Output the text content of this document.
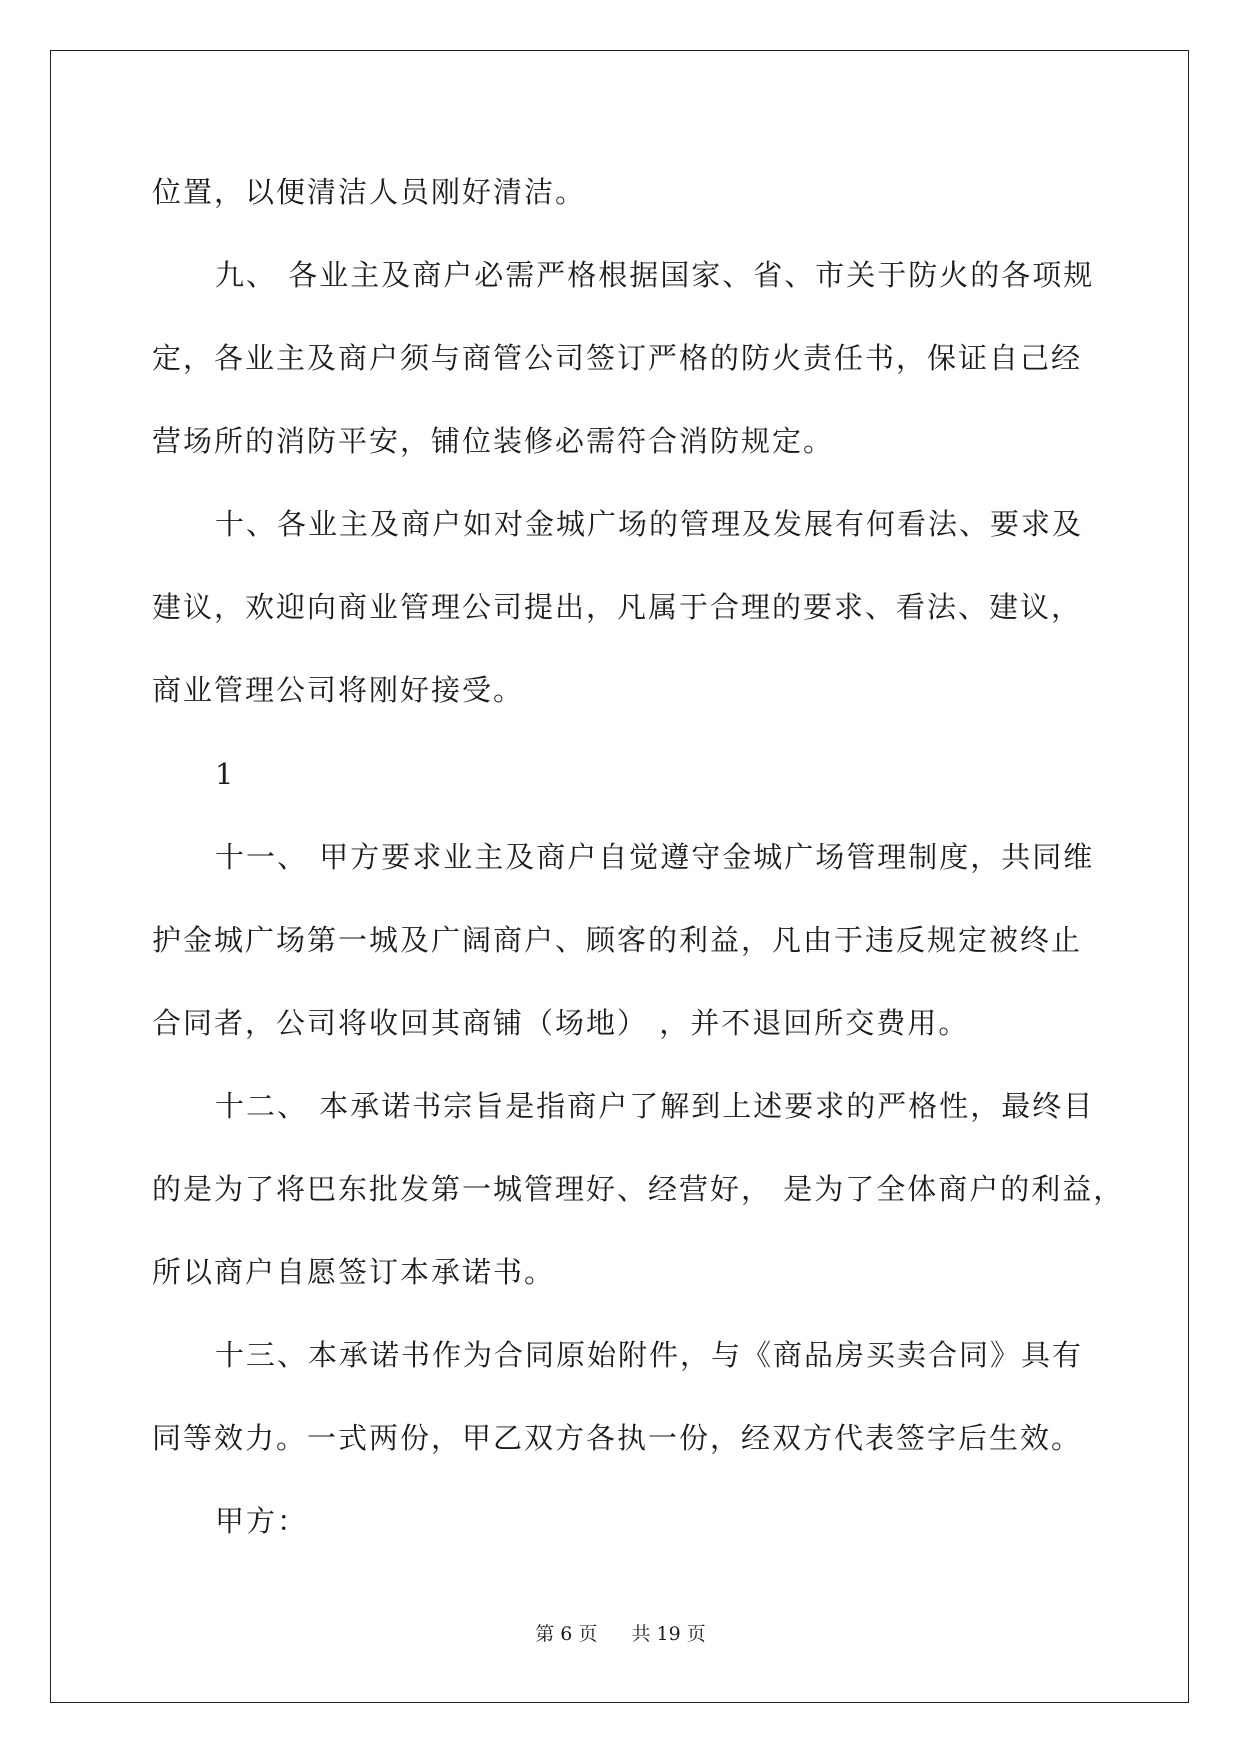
位置，以便清洁人员刚好清洁。
九、 各业主及商户必需严格根据国家、省、市关于防火的各项规
定，各业主及商户须与商管公司签订严格的防火责任书，保证自己经
营场所的消防平安，铺位装修必需符合消防规定。
十、各业主及商户如对金城广场的管理及发展有何看法、要求及
建议，欢迎向商业管理公司提出，凡属于合理的要求、看法、建议，
商业管理公司将刚好接受。
1
十一、 甲方要求业主及商户自觉遵守金城广场管理制度，共同维
护金城广场第一城及广阔商户、顾客的利益，凡由于违反规定被终止
合同者，公司将收回其商铺（场地） ，并不退回所交费用。
十二、 本承诺书宗旨是指商户了解到上述要求的严格性，最终目
的是为了将巴东批发第一城管理好、经营好， 是为了全体商户的利益，
所以商户自愿签订本承诺书。
十三、本承诺书作为合同原始附件，与《商品房买卖合同》具有
同等效力。一式两份，甲乙双方各执一份，经双方代表签字后生效。
甲方：
第 6 页 共 19 页
